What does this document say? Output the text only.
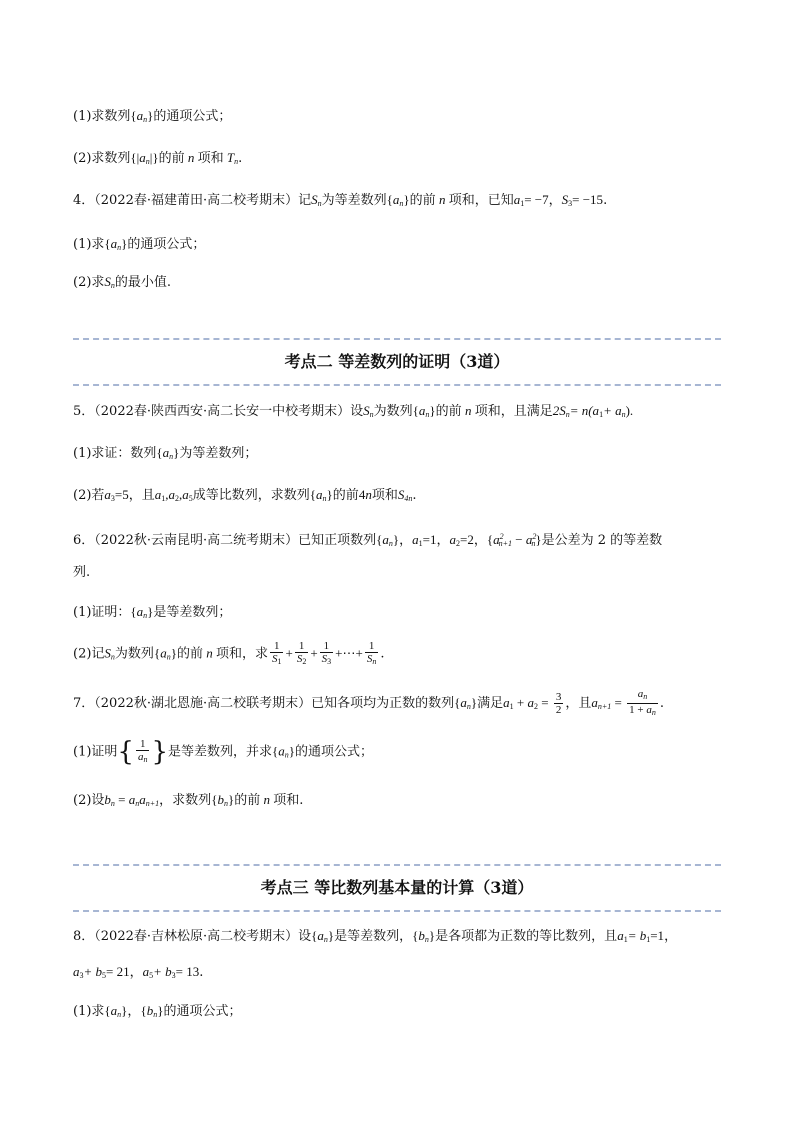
(1)求数列$\{a_n\}$的通项公式；
(2)求数列$\{|a_n|\}$的前 n 项和 $T_n$.
4．（2022春·福建莆田·高二校考期末）记$S_n$为等差数列$\{a_n\}$的前 n 项和，已知$a_1= -7$，$S_3= -15$.
(1)求$\{a_n\}$的通项公式；
(2)求$S_n$的最小值.
考点二 等差数列的证明（3道）
5．（2022春·陕西西安·高二长安一中校考期末）设$S_n$为数列$\{a_n\}$的前 n 项和，且满足$2S_n= n(a_1+ a_n)$.
(1)求证：数列$\{a_n\}$为等差数列；
(2)若$a_3=5$，且$a_1,a_2,a_5$成等比数列，求数列$\{a_n\}$的前4n项和$S_{4n}$.
6．（2022秋·云南昆明·高二统考期末）已知正项数列$\{a_n\}$，$a_1=1$，$a_2=2$，$\{a^2_{n+1} - a^2_n\}$是公差为 2 的等差数
列.
(1)证明：$\{a_n\}$是等差数列；
(2)记$S_n$为数列$\{a_n\}$的前 n 项和，求 $\frac{1}{S_1} + \frac{1}{S_2} + \frac{1}{S_3}$ +⋯+ $\frac{1}{S_n}$ .
7．（2022秋·湖北恩施·高二校联考期末）已知各项均为正数的数列$\{a_n\}$满足$a_1 + a_2 = \frac{3}{2}$ ，且$a_{n+1} = \frac{a_n}{1 + a_n}$ .
(1)证明{ $\frac{1}{a_n}$ }是等差数列，并求$\{a_n\}$的通项公式；
(2)设$b_n = a_na_{n+1}$，求数列$\{b_n\}$的前 n 项和.
考点三 等比数列基本量的计算（3道）
8．（2022春·吉林松原·高二校考期末）设$\{a_n\}$是等差数列，$\{b_n\}$是各项都为正数的等比数列，且$a_1= b_1=1$，
$a_3+ b_5= 21$，$a_5+ b_3= 13$.
(1)求$\{a_n\}$，$\{b_n\}$的通项公式；
